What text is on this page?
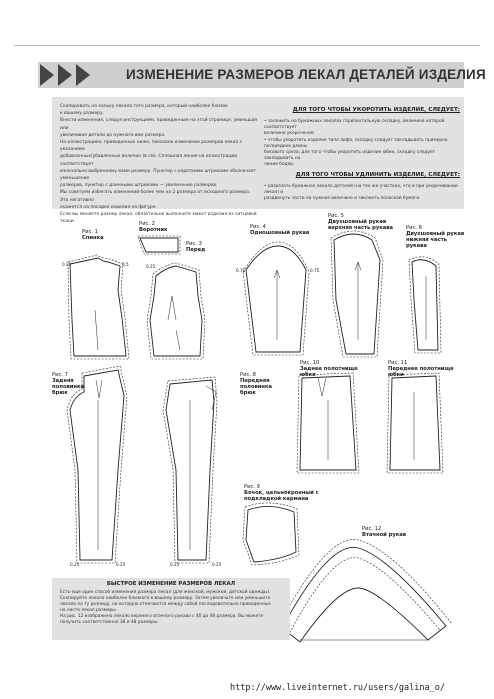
ИЗМЕНЕНИЕ РАЗМЕРОВ ЛЕКАЛ ДЕТАЛЕЙ ИЗДЕЛИЯ

Скопировать на кальку лекала того размера, который наиболее близок

к вашему размеру.

Внести изменения, следуя инструкциям, приведенным на этой странице, уменьшая или

увеличивая детали до нужного вам размера.

На иллюстрациях, приведенных ниже, показано изменение размеров лекал с указанием

добавленных/убавленных величин (в см). Сплошная линия на иллюстрации соответствует

изначально выбранному вами размеру. Пунктир с короткими штрихами обозначает уменьшение

размеров, пунктир с длинными штрихами — увеличение размеров.

Мы советуем избегать изменений более чем на 2 размера от исходного размера. Это негативно

скажется на посадке изделия на фигуре.

Если вы меняете размер лекал, обязательно выполните макет изделия из ситцевой ткани.

ДЛЯ ТОГО ЧТОБЫ УКОРОТИТЬ ИЗДЕЛИЕ, СЛЕДУЕТ:

• заложить на бумажных лекалах горизонтальную складку, величина которой соответствует

величине укорочения;

• чтобы укоротить изделие типа лифа, складку следует закладывать примерно посередине длины

бокового среза; для того чтобы укоротить изделие юбки, складку следует закладывать на

линии бедер.

ДЛЯ ТОГО ЧТОБЫ УДЛИНИТЬ ИЗДЕЛИЕ, СЛЕДУЕТ:

• разрезать бумажное лекало деталей (на тех же участках, что и при укорачивании лекал) и

раздвинуть части на нужное величине и заклеить полоской бумаги.

Рис. 1
Спинка
Рис. 2
Воротник
Рис. 3
Перед
Рис. 4
Одношовный рукав
Рис. 5
Двухшовный рукав верхняя часть рукава	Рис. 6
Двухшовный рукав нижняя часть рукава
Рис. 7
Задняя половинка брюк
Рис. 8
Передняя половинка брюк
Рис. 10
Заднее полотнище юбки
Рис. 11
Переднее полотнище юбки
Рис. 9
Бочок, цельнокроеный с подкладкой кармана
Рис. 12
Втачной рукав
0.25	0.5	0.25
0.75	0.75
0.25	0.25	0.25	0.25
БЫСТРОЕ ИЗМЕНЕНИЕ РАЗМЕРОВ ЛЕКАЛ

Есть еще один способ изменения размера лекал (для женской, мужской, детской одежды).

Скопируйте лекало наиболее близкого к вашему размеру. Затем увеличьте или уменьшите

лекало на ту разницу, на которую отличаются между собой последовательно приведенные

на листе лекал размеры.

На рис. 12 изображено лекало верхнего втачного рукава с 40 до 46 размера. Вы можете

получить соответственно 38 и 48 размеры.

http://www.liveinternet.ru/users/galina_o/
